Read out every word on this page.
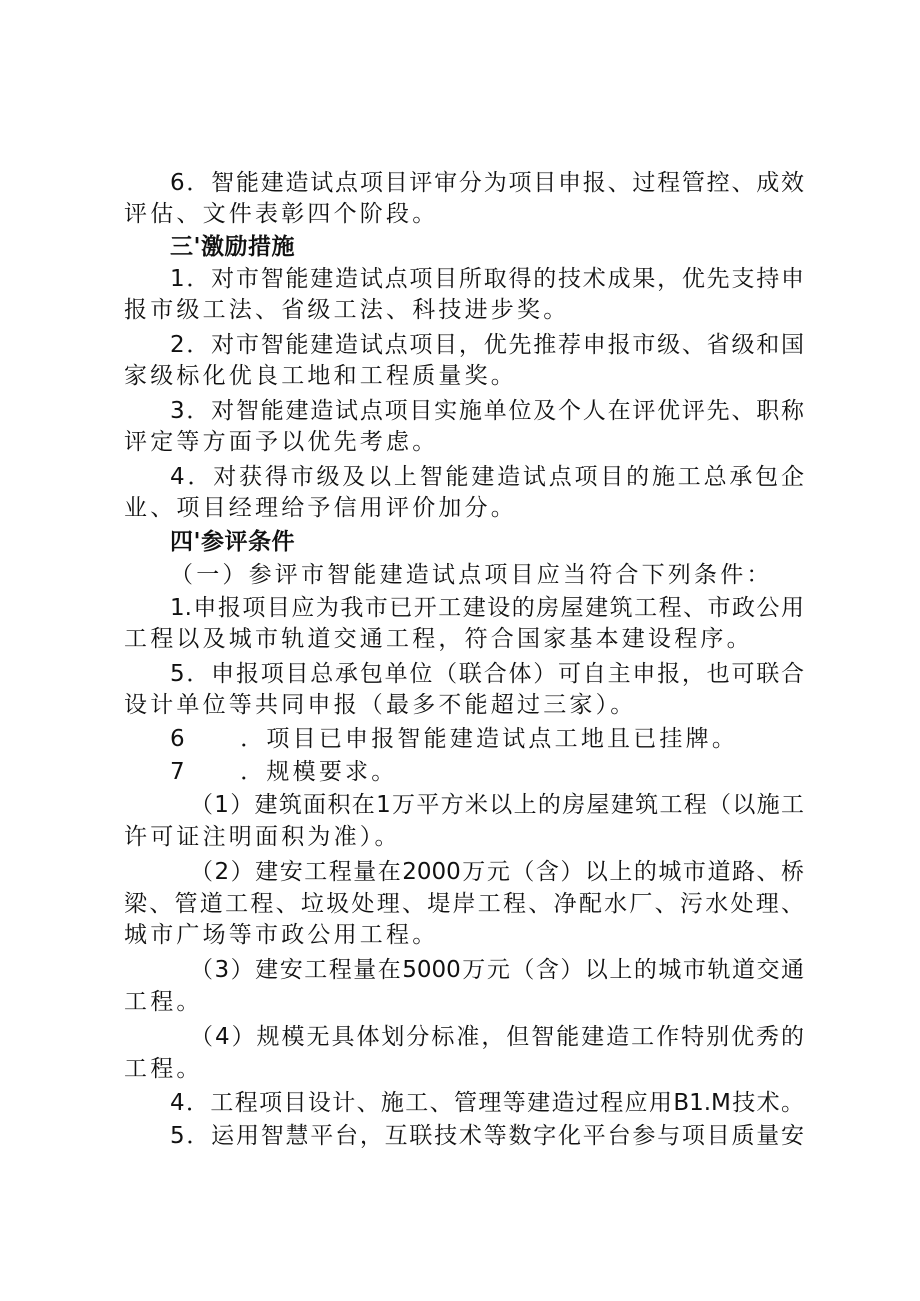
6．智能建造试点项目评审分为项目申报、过程管控、成效
评估、文件表彰四个阶段。
三'激励措施
1．对市智能建造试点项目所取得的技术成果，优先支持申
报市级工法、省级工法、科技进步奖。
2．对市智能建造试点项目，优先推荐申报市级、省级和国
家级标化优良工地和工程质量奖。
3．对智能建造试点项目实施单位及个人在评优评先、职称
评定等方面予以优先考虑。
4．对获得市级及以上智能建造试点项目的施工总承包企
业、项目经理给予信用评价加分。
四'参评条件
（一）参评市智能建造试点项目应当符合下列条件：
1.申报项目应为我市已开工建设的房屋建筑工程、市政公用
工程以及城市轨道交通工程，符合国家基本建设程序。
5．申报项目总承包单位（联合体）可自主申报，也可联合
设计单位等共同申报（最多不能超过三家）。
6　　．项目已申报智能建造试点工地且已挂牌。
7　　．规模要求。
（1）建筑面积在1万平方米以上的房屋建筑工程（以施工
许可证注明面积为准）。
（2）建安工程量在2000万元（含）以上的城市道路、桥
梁、管道工程、垃圾处理、堤岸工程、净配水厂、污水处理、
城市广场等市政公用工程。
（3）建安工程量在5000万元（含）以上的城市轨道交通
工程。
（4）规模无具体划分标准，但智能建造工作特别优秀的
工程。
4．工程项目设计、施工、管理等建造过程应用B1.M技术。
5．运用智慧平台，互联技术等数字化平台参与项目质量安
